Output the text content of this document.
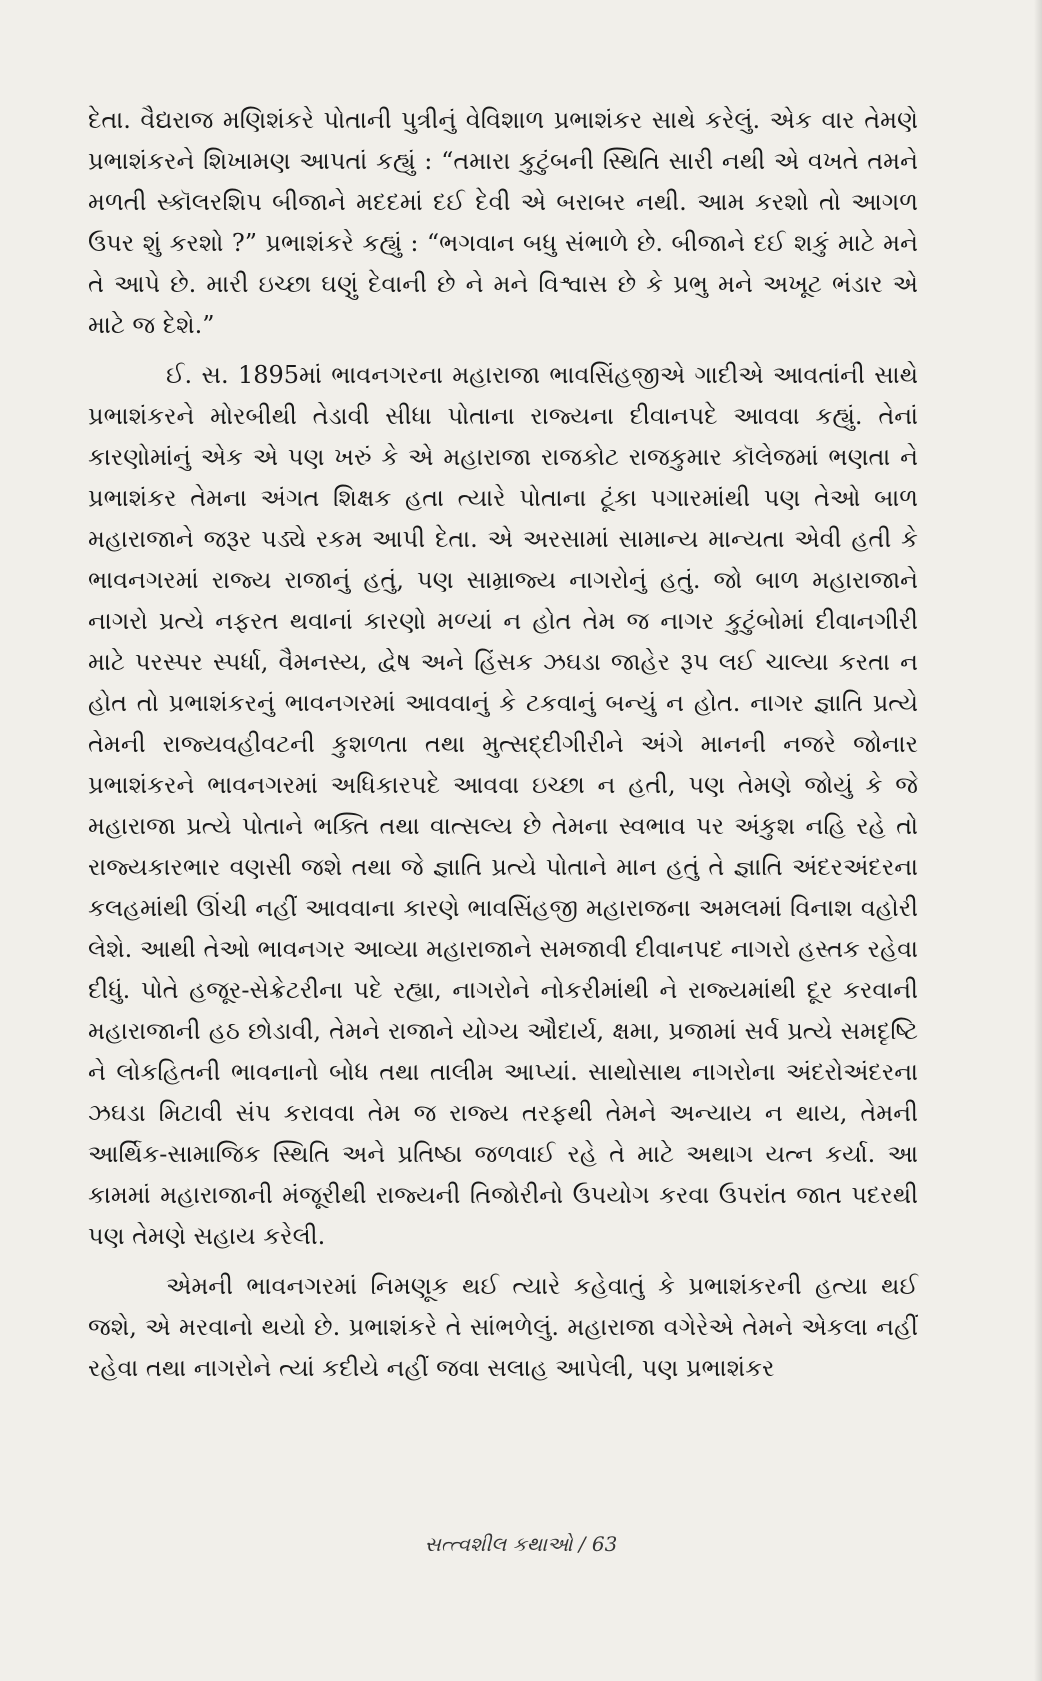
દેતા. વૈદ્યરાજ મણિશંકરે પોતાની પુત્રીનું વેવિશાળ પ્રભાશંકર સાથે કરેલું. એક વાર તેમણે પ્રભાશંકરને શિખામણ આપતાં કહ્યું : “તમારા કુટુંબની સ્થિતિ સારી નથી એ વખતે તમને મળતી સ્કૉલરશિપ બીજાને મદદમાં દઈ દેવી એ બરાબર નથી. આમ કરશો તો આગળ ઉપર શું કરશો ?” પ્રભાશંકરે કહ્યું : “ભગવાન બધુ સંભાળે છે. બીજાને દઈ શકું માટે મને તે આપે છે. મારી ઇચ્છા ઘણું દેવાની છે ને મને વિશ્વાસ છે કે પ્રભુ મને અખૂટ ભંડાર એ માટે જ દેશે.”

ઈ. સ. 1895માં ભાવનગરના મહારાજા ભાવસિંહજીએ ગાદીએ આવતાંની સાથે પ્રભાશંકરને મોરબીથી તેડાવી સીધા પોતાના રાજ્યના દીવાનપદે આવવા કહ્યું. તેનાં કારણોમાંનું એક એ પણ ખરું કે એ મહારાજા રાજકોટ રાજકુમાર કૉલેજમાં ભણતા ને પ્રભાશંકર તેમના અંગત શિક્ષક હતા ત્યારે પોતાના ટૂંકા પગારમાંથી પણ તેઓ બાળ મહારાજાને જરૂર પડ્યે રકમ આપી દેતા. એ અરસામાં સામાન્ય માન્યતા એવી હતી કે ભાવનગરમાં રાજ્ય રાજાનું હતું, પણ સામ્રાજ્ય નાગરોનું હતું. જો બાળ મહારાજાને નાગરો પ્રત્યે નફરત થવાનાં કારણો મળ્યાં ન હોત તેમ જ નાગર કુટુંબોમાં દીવાનગીરી માટે પરસ્પર સ્પર્ધા, વૈમનસ્ય, દ્વેષ અને હિંસક ઝઘડા જાહેર રૂપ લઈ ચાલ્યા કરતા ન હોત તો પ્રભાશંકરનું ભાવનગરમાં આવવાનું કે ટકવાનું બન્યું ન હોત. નાગર જ્ઞાતિ પ્રત્યે તેમની રાજ્યવહીવટની કુશળતા તથા મુત્સદ્દીગીરીને અંગે માનની નજરે જોનાર પ્રભાશંકરને ભાવનગરમાં અધિકારપદે આવવા ઇચ્છા ન હતી, પણ તેમણે જોયું કે જે મહારાજા પ્રત્યે પોતાને ભક્તિ તથા વાત્સલ્ય છે તેમના સ્વભાવ પર અંકુશ નહિ રહે તો રાજ્યકારભાર વણસી જશે તથા જે જ્ઞાતિ પ્રત્યે પોતાને માન હતું તે જ્ઞાતિ અંદરઅંદરના કલહમાંથી ઊંચી નહીં આવવાના કારણે ભાવસિંહજી મહારાજના અમલમાં વિનાશ વહોરી લેશે. આથી તેઓ ભાવનગર આવ્યા મહારાજાને સમજાવી દીવાનપદ નાગરો હસ્તક રહેવા દીધું. પોતે હજૂર-સેક્રેટરીના પદે રહ્યા, નાગરોને નોકરીમાંથી ને રાજ્યમાંથી દૂર કરવાની મહારાજાની હઠ છોડાવી, તેમને રાજાને યોગ્ય ઔદાર્ય, ક્ષમા, પ્રજામાં સર્વ પ્રત્યે સમદૃષ્ટિ ને લોકહિતની ભાવનાનો બોધ તથા તાલીમ આપ્યાં. સાથોસાથ નાગરોના અંદરોઅંદરના ઝઘડા મિટાવી સંપ કરાવવા તેમ જ રાજ્ય તરફથી તેમને અન્યાય ન થાય, તેમની આર્થિક-સામાજિક સ્થિતિ અને પ્રતિષ્ઠા જળવાઈ રહે તે માટે અથાગ યત્ન કર્યા. આ કામમાં મહારાજાની મંજૂરીથી રાજ્યની તિજોરીનો ઉપયોગ કરવા ઉપરાંત જાત પદરથી પણ તેમણે સહાય કરેલી.

એમની ભાવનગરમાં નિમણૂક થઈ ત્યારે કહેવાતું કે પ્રભાશંકરની હત્યા થઈ જશે, એ મરવાનો થયો છે. પ્રભાશંકરે તે સાંભળેલું. મહારાજા વગેરેએ તેમને એકલા નહીં રહેવા તથા નાગરોને ત્યાં કદીયે નહીં જવા સલાહ આપેલી, પણ પ્રભાશંકર

સત્ત્વશીલ કથાઓ / 63
